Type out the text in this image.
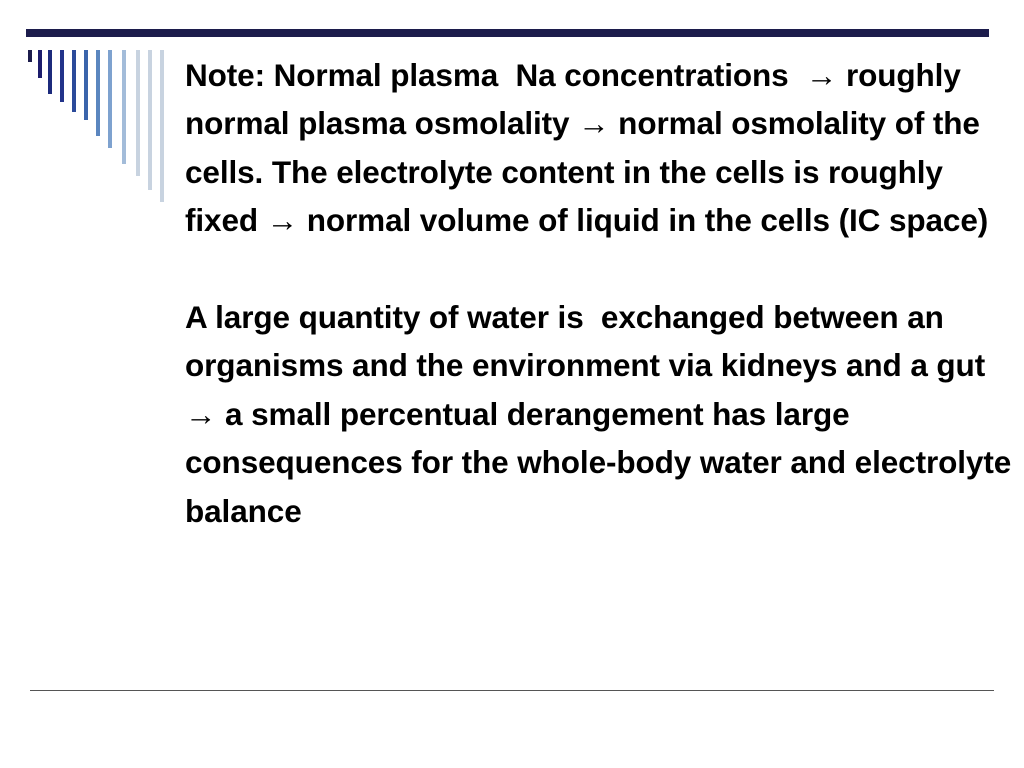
Note: Normal plasma  Na concentrations  → roughly normal plasma osmolality → normal osmolality of the cells. The electrolyte content in the cells is roughly fixed → normal volume of liquid in the cells (IC space)

A large quantity of water is  exchanged between an organisms and the environment via kidneys and a gut → a small percentual derangement has large consequences for the whole-body water and electrolyte balance
